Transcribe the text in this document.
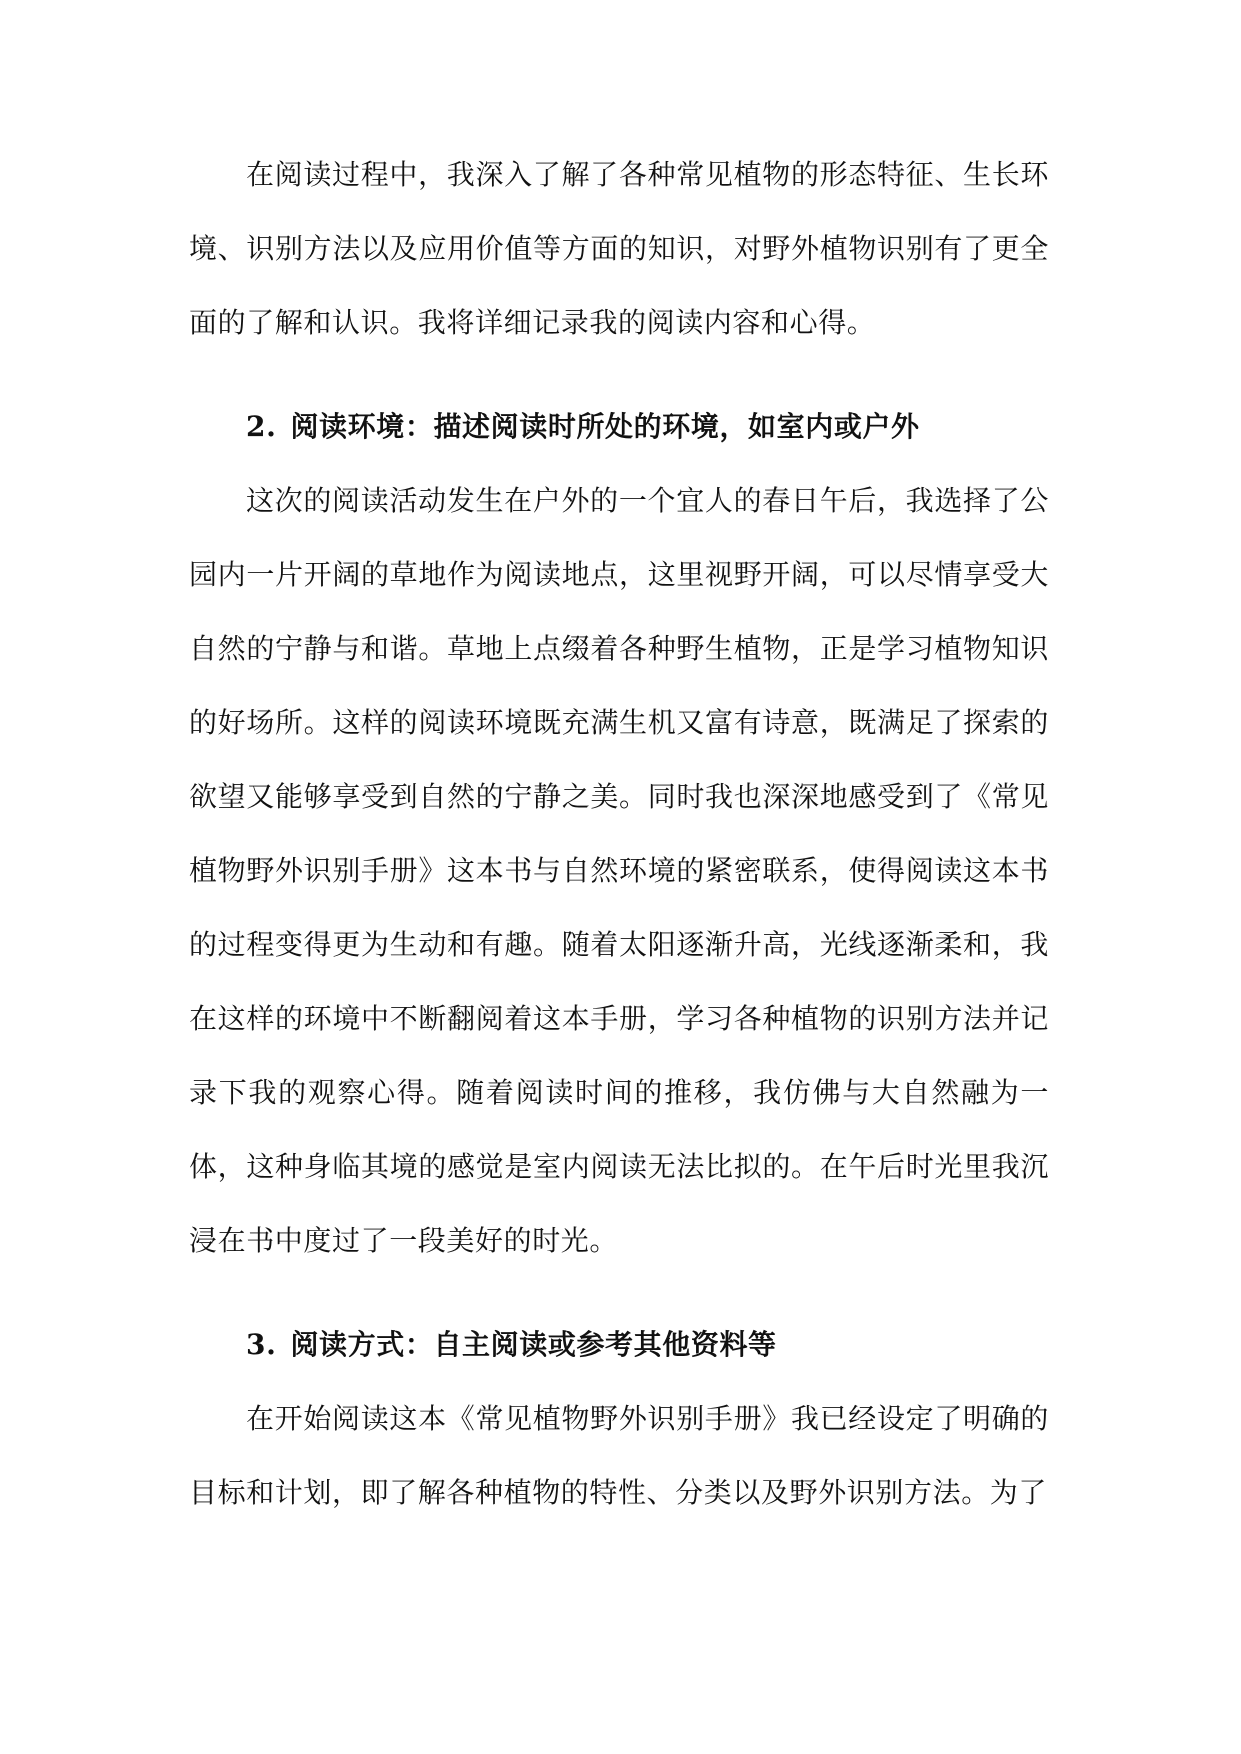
在阅读过程中，我深入了解了各种常见植物的形态特征、生长环境、识别方法以及应用价值等方面的知识，对野外植物识别有了更全面的了解和认识。我将详细记录我的阅读内容和心得。

2. 阅读环境：描述阅读时所处的环境，如室内或户外

这次的阅读活动发生在户外的一个宜人的春日午后，我选择了公园内一片开阔的草地作为阅读地点，这里视野开阔，可以尽情享受大自然的宁静与和谐。草地上点缀着各种野生植物，正是学习植物知识的好场所。这样的阅读环境既充满生机又富有诗意，既满足了探索的欲望又能够享受到自然的宁静之美。同时我也深深地感受到了《常见植物野外识别手册》这本书与自然环境的紧密联系，使得阅读这本书的过程变得更为生动和有趣。随着太阳逐渐升高，光线逐渐柔和，我在这样的环境中不断翻阅着这本手册，学习各种植物的识别方法并记录下我的观察心得。随着阅读时间的推移，我仿佛与大自然融为一体，这种身临其境的感觉是室内阅读无法比拟的。在午后时光里我沉浸在书中度过了一段美好的时光。

3. 阅读方式：自主阅读或参考其他资料等

在开始阅读这本《常见植物野外识别手册》我已经设定了明确的目标和计划，即了解各种植物的特性、分类以及野外识别方法。为了
